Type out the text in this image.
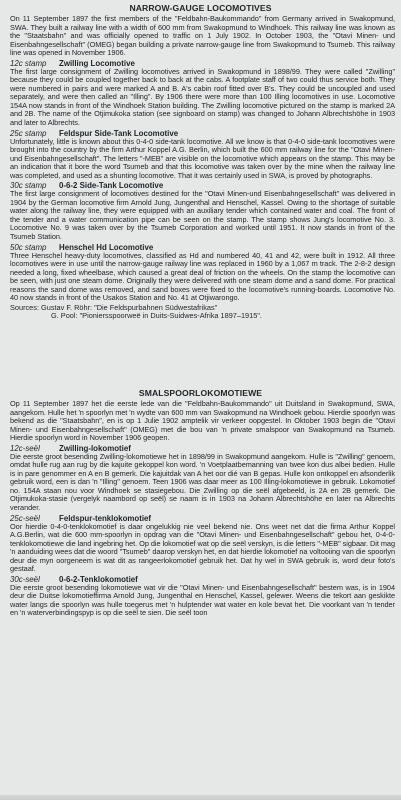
NARROW-GAUGE LOCOMOTIVES

On 11 September 1897 the first members of the "Feldbahn-Baukommando" from Germany arrived in Swakopmund, SWA. They built a railway line with a width of 600 mm from Swakopmund to Windhoek. This railway line was known as the "Staatsbahn" and was officially opened to traffic on 1 July 1902. In October 1903, the "Otavi Minen- und Eisenbahngesellschaft" (OMEG) began building a private narrow-gauge line from Swakopmund to Tsumeb. This railway line was opened in November 1906.

12c stamp Zwilling Locomotive

The first large consignment of Zwilling locomotives arrived in Swakopmund in 1898/99. They were called "Zwilling" because they could be coupled together back to back at the cabs. A footplate staff of two could thus service both. They were numbered in pairs and were marked A and B. A's cabin roof fitted over B's. They could be uncoupled and used separately, and were then called an "Illing". By 1906 there were more than 100 Illing locomotives in use. Locomotive 154A now stands in front of the Windhoek Station building. The Zwilling locomotive pictured on the stamp is marked 2A and 2B. The name of the Otjimukoka station (see signboard on stamp) was changed to Johann Albrechtshöhe in 1903 and later to Albrechts.

25c stamp Feldspur Side-Tank Locomotive

Unfortunately, little is known about this 0-4-0 side-tank locomotive. All we know is that 0-4-0 side-tank locomotives were brought into the country by the firm Arthur Koppel A.G. Berlin, which built the 600 mm railway line for the "Otavi Minen- und Eisenbahngesellschaft". The letters "-MEB" are visible on the locomotive which appears on the stamp. This may be an indication that it bore the word Tsumeb and that this locomotive was taken over by the mine when the railway line was completed, and used as a shunting locomotive. That it was certainly used in SWA, is proved by photographs.

30c stamp 0-6-2 Side-Tank Locomotive

The first large consignment of locomotives destined for the "Otavi Minen-und Eisenbahngesellschaft" was delivered in 1904 by the German locomotive firm Arnold Jung, Jungenthal and Henschel, Kassel. Owing to the shortage of suitable water along the railway line, they were equipped with an auxiliary tender which contained water and coal. The front of the tender and a water communication pipe can be seen on the stamp. The stamp shows Jung's locomotive No. 3. Locomotive No. 9 was taken over by the Tsumeb Corporation and worked until 1951. It now stands in front of the Tsumeb Station.

50c stamp Henschel Hd Locomotive

Three Henschel heavy-duty locomotives, classified as Hd and numbered 40, 41 and 42, were built in 1912. All three locomotives were in use until the narrow-gauge railway line was replaced in 1960 by a 1,067 m track. The 2-8-2 design needed a long, fixed wheelbase, which caused a great deal of friction on the wheels. On the stamp the locomotive can be seen, with just one steam dome. Originally they were delivered with one steam dome and a sand dome. For practical reasons the sand dome was removed, and sand boxes were fixed to the locomotive's running-boards. Locomotive No. 40 now stands in front of the Usakos Station and No. 41 at Otjiwarongo.

Sources: Gustav F. Röhr: "Die Feldspurbahnen Südwestafrikas"
G. Pool: "Pioniersspoorweë in Duits-Suidwes-Afrika 1897–1915".
SMALSPOORLOKOMOTIEWE

Op 11 September 1897 het die eerste lede van die "Feldbahn-Baukommando" uit Duitsland in Swakopmund, SWA, aangekom. Hulle het 'n spoorlyn met 'n wydte van 600 mm van Swakopmund na Windhoek gebou. Hierdie spoorlyn was bekend as die "Staatsbahn", en is op 1 Julie 1902 amptelik vir verkeer oopgestel. In Oktober 1903 begin die "Otavi Minen- und Eisenbahngesellschaft" (OMEG) met die bou van 'n private smalspoor van Swakopmund na Tsumeb. Hierdie spoorlyn word in November 1906 geopen.

12c-seël Zwilling-lokomotief

Die eerste groot besending Zwilling-lokomotiewe het in 1898/99 in Swakopmund aangekom. Hulle is "Zwilling" genoem, omdat hulle rug aan rug by die kajuite gekoppel kon word. 'n Voetplaatbemanning van twee kon dus albei bedien. Hulle is in pare genommer en A en B gemerk. Die kajuitdak van A het oor dié van B gepas. Hulle kon ontkoppel en afsonderlik gebruik word, een is dan 'n "Illing" genoem. Teen 1906 was daar meer as 100 Illing-lokomotiewe in gebruik. Lokomotief no. 154A staan nou voor Windhoek se stasiegebou. Die Zwilling op die seël afgebeeld, is 2A en 2B gemerk. Die Otjimukoka-stasie (vergelyk naambord op seël) se naam is in 1903 na Johann Albrechtshöhe en later na Albrechts verander.

25c-seël Feldspur-tenklokomotief

Oor hierdie 0-4-0-tenklokomotief is daar ongelukkig nie veel bekend nie. Ons weet net dat die firma Arthur Koppel A.G.Berlin, wat die 600 mm-spoorlyn in opdrag van die "Otavi Minen- und Eisenbahngesellschaft" gebou het, 0-4-0-tenklokomotiewe die land ingebring het. Op die lokomotief wat op die seël verskyn, is die letters "-MEB" sigbaar. Dit mag 'n aanduiding wees dat die woord "Tsumeb" daarop verskyn het, en dat hierdie lokomotief na voltooiing van die spoorlyn deur die myn oorgeneem is wat dit as rangeerlokomotief gebruik het. Dat hy wel in SWA gebruik is, word deur foto's gestaaf.

30c-seël 0-6-2-Tenklokomotief

Die eerste groot besending lokomotiewe wat vir die "Otavi Minen- und Eisenbahngesellschaft" bestem was, is in 1904 deur die Duitse lokomotieffirma Arnold Jung, Jungenthal en Henschel, Kassel, gelewer. Weens die tekort aan geskikte water langs die spoorlyn was hulle toegerus met 'n hulptender wat water en kole bevat het. Die voorkant van 'n tender en 'n waterverbindingspyp is op die seël te sien. Die seël toon
